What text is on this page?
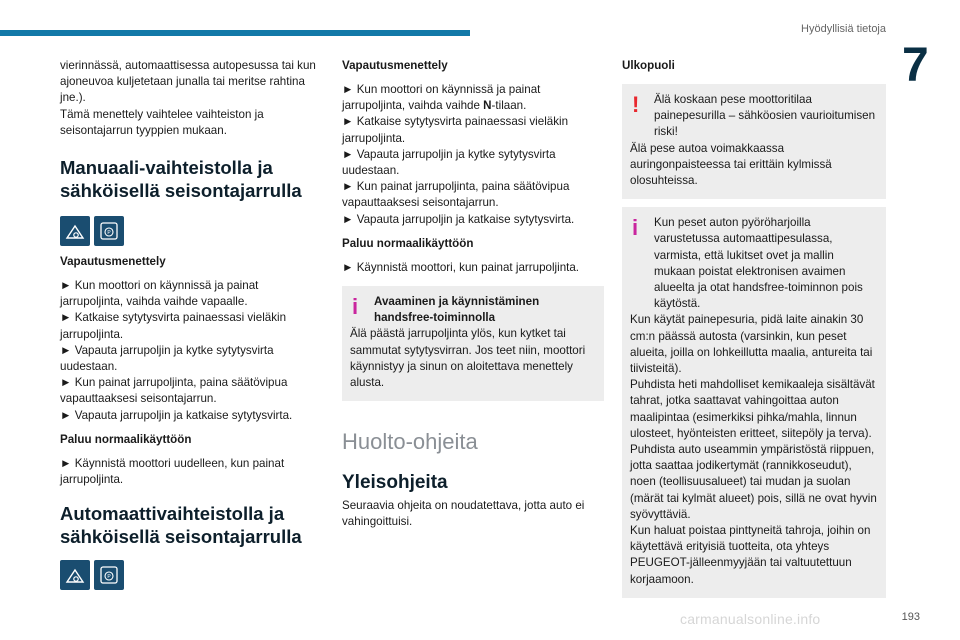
Hyödyllisiä tietoja
7

vierinnässä, automaattisessa autopesussa tai kun ajoneuvoa kuljetetaan junalla tai meritse rahtina jne.).

Tämä menettely vaihtelee vaihteiston ja seisontajarrun tyyppien mukaan.

Manuaali-vaihteistolla ja sähköisellä seisontajarrulla
P
Vapautusmenettely

► Kun moottori on käynnissä ja painat jarrupoljinta, vaihda vaihde vapaalle.

► Katkaise sytytysvirta painaessasi vieläkin jarrupoljinta.

► Vapauta jarrupoljin ja kytke sytytysvirta uudestaan.

► Kun painat jarrupoljinta, paina säätövipua vapauttaaksesi seisontajarrun.

► Vapauta jarrupoljin ja katkaise sytytysvirta.

Paluu normaalikäyttöön

► Käynnistä moottori uudelleen, kun painat jarrupoljinta.

Automaattivaihteistolla ja sähköisellä seisontajarrulla
P
Vapautusmenettely

► Kun moottori on käynnissä ja painat jarrupoljinta, vaihda vaihde N-tilaan.

► Katkaise sytytysvirta painaessasi vieläkin jarrupoljinta.

► Vapauta jarrupoljin ja kytke sytytysvirta uudestaan.

► Kun painat jarrupoljinta, paina säätövipua vapauttaaksesi seisontajarrun.

► Vapauta jarrupoljin ja katkaise sytytysvirta.

Paluu normaalikäyttöön

► Käynnistä moottori, kun painat jarrupoljinta.

i	Avaaminen ja käynnistäminen handsfree-toiminnolla

Älä päästä jarrupoljinta ylös, kun kytket tai sammutat sytytysvirran. Jos teet niin, moottori käynnistyy ja sinun on aloitettava menettely alusta.

Huolto-ohjeita
Yleisohjeita

Seuraavia ohjeita on noudatettava, jotta auto ei vahingoittuisi.

Ulkopuoli
!	Älä koskaan pese moottoritilaa painepesurilla – sähköosien vaurioitumisen riski!

Älä pese autoa voimakkaassa auringonpaisteessa tai erittäin kylmissä olosuhteissa.

i	Kun peset auton pyöröharjoilla varustetussa automaattipesulassa, varmista, että lukitset ovet ja mallin mukaan poistat elektronisen avaimen alueelta ja otat handsfree-toiminnon pois käytöstä.

Kun käytät painepesuria, pidä laite ainakin 30 cm:n päässä autosta (varsinkin, kun peset alueita, joilla on lohkeillutta maalia, antureita tai tiivisteitä).

Puhdista heti mahdolliset kemikaaleja sisältävät tahrat, jotka saattavat vahingoittaa auton maalipintaa (esimerkiksi pihka/mahla, linnun ulosteet, hyönteisten eritteet, siitepöly ja terva).

Puhdista auto useammin ympäristöstä riippuen, jotta saattaa jodikertymät (rannikkoseudut), noen (teollisuusalueet) tai mudan ja suolan (märät tai kylmät alueet) pois, sillä ne ovat hyvin syövyttäviä.

Kun haluat poistaa pinttyneitä tahroja, joihin on käytettävä erityisiä tuotteita, ota yhteys PEUGEOT-jälleenmyyjään tai valtuutettuun korjaamoon.

carmanualsonline.info	193
